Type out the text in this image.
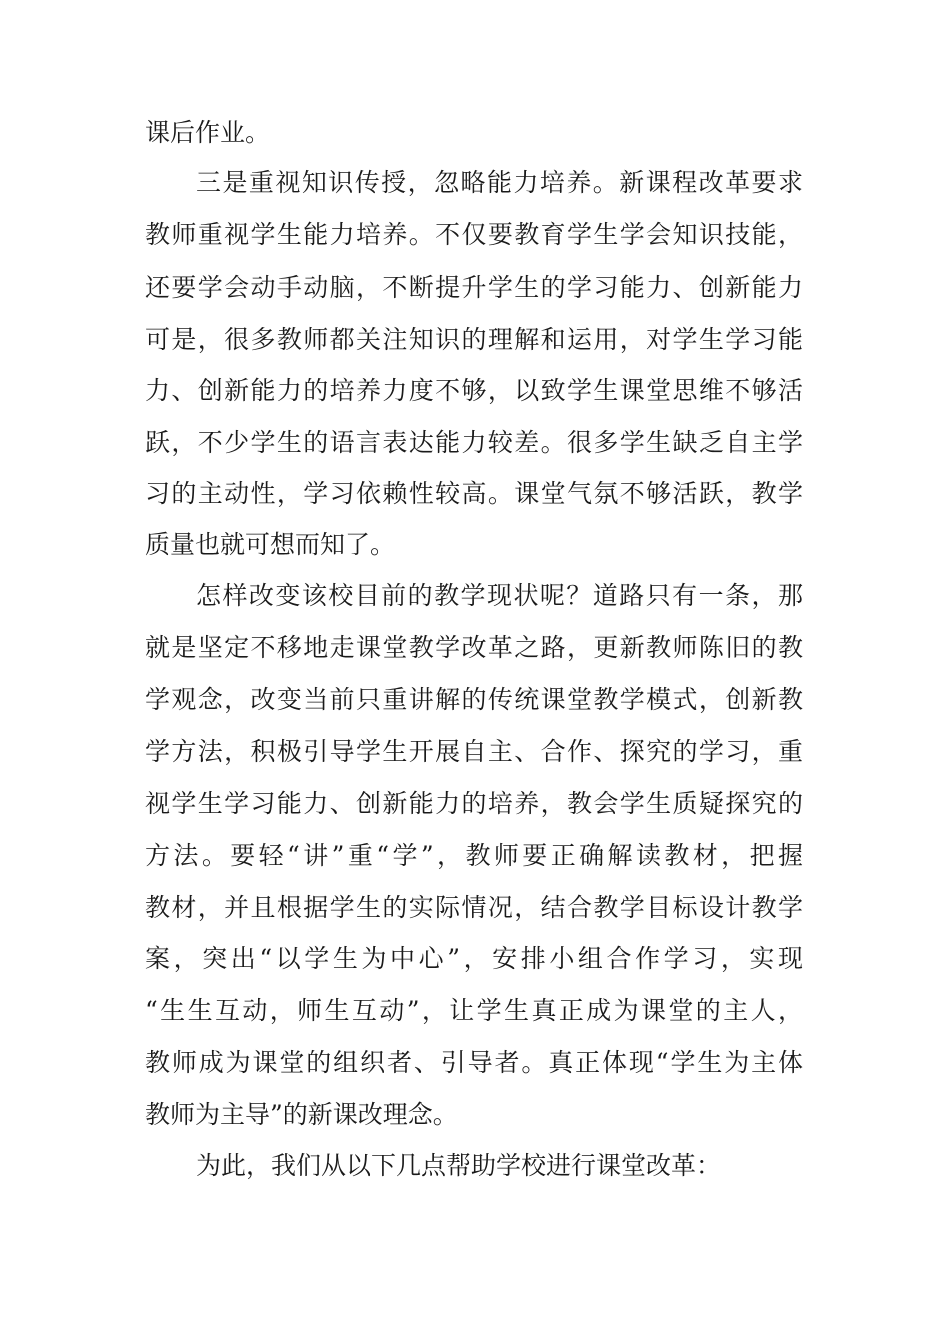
课后作业。
三是重视知识传授，忽略能力培养。新课程改革要求
教师重视学生能力培养。不仅要教育学生学会知识技能，
还要学会动手动脑，不断提升学生的学习能力、创新能力
可是，很多教师都关注知识的理解和运用，对学生学习能
力、创新能力的培养力度不够，以致学生课堂思维不够活
跃，不少学生的语言表达能力较差。很多学生缺乏自主学
习的主动性，学习依赖性较高。课堂气氛不够活跃，教学
质量也就可想而知了。
怎样改变该校目前的教学现状呢？道路只有一条，那
就是坚定不移地走课堂教学改革之路，更新教师陈旧的教
学观念，改变当前只重讲解的传统课堂教学模式，创新教
学方法，积极引导学生开展自主、合作、探究的学习，重
视学生学习能力、创新能力的培养，教会学生质疑探究的
方法。要轻“讲”重“学”，教师要正确解读教材，把握
教材，并且根据学生的实际情况，结合教学目标设计教学
案，突出“以学生为中心”，安排小组合作学习，实现
“生生互动，师生互动”，让学生真正成为课堂的主人，
教师成为课堂的组织者、引导者。真正体现“学生为主体
教师为主导”的新课改理念。
为此，我们从以下几点帮助学校进行课堂改革：
